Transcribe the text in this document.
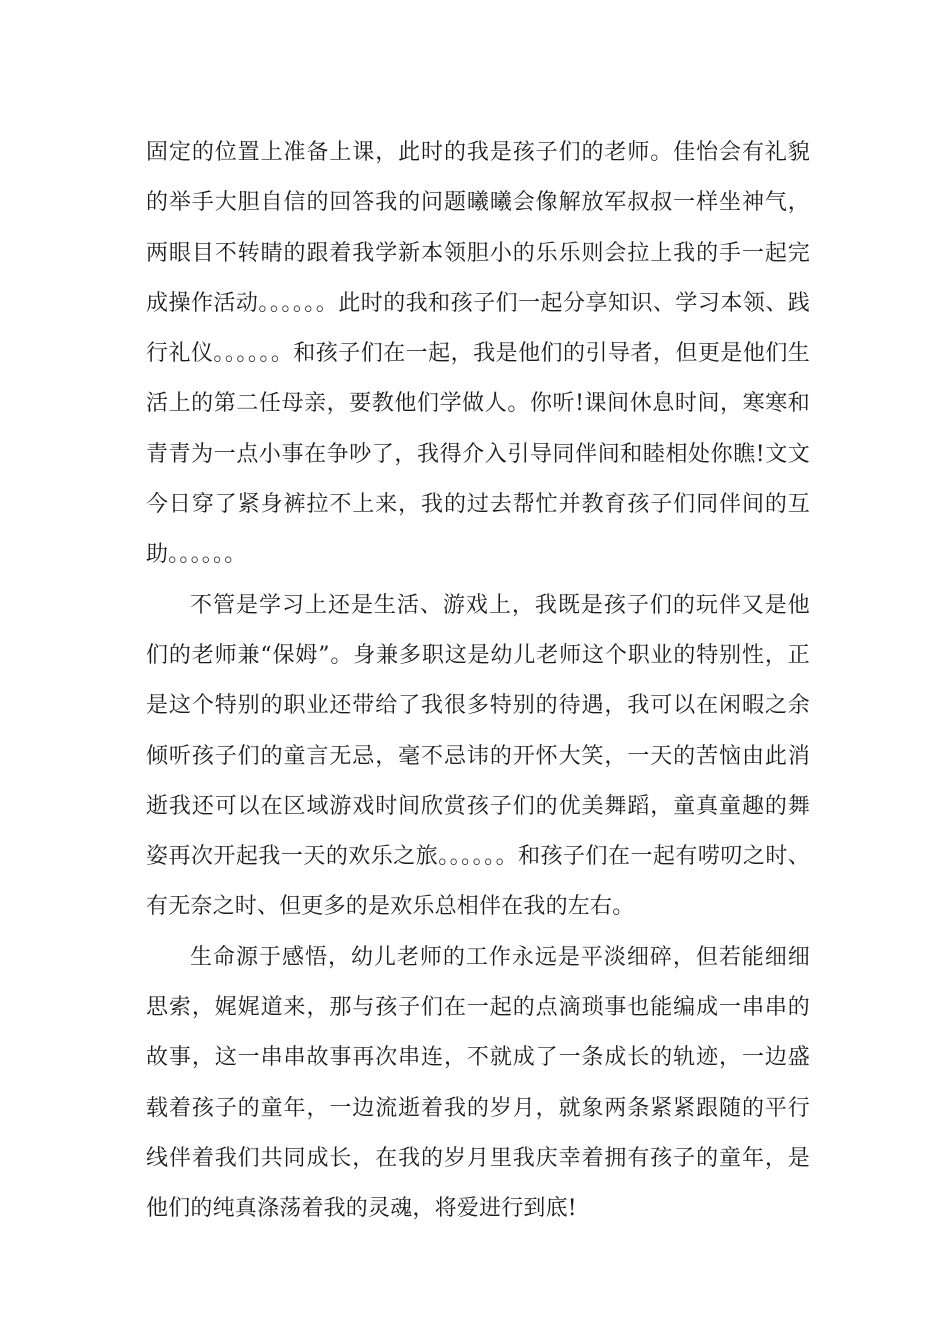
固定的位置上准备上课，此时的我是孩子们的老师。佳怡会有礼貌的举手大胆自信的回答我的问题曦曦会像解放军叔叔一样坐神气，两眼目不转睛的跟着我学新本领胆小的乐乐则会拉上我的手一起完成操作活动。。。。。。此时的我和孩子们一起分享知识、学习本领、践行礼仪。。。。。。和孩子们在一起，我是他们的引导者，但更是他们生活上的第二任母亲，要教他们学做人。你听!课间休息时间，寒寒和青青为一点小事在争吵了，我得介入引导同伴间和睦相处你瞧!文文今日穿了紧身裤拉不上来，我的过去帮忙并教育孩子们同伴间的互助。。。。。。

不管是学习上还是生活、游戏上，我既是孩子们的玩伴又是他们的老师兼“保姆”。身兼多职这是幼儿老师这个职业的特别性，正是这个特别的职业还带给了我很多特别的待遇，我可以在闲暇之余倾听孩子们的童言无忌，毫不忌讳的开怀大笑，一天的苦恼由此消逝我还可以在区域游戏时间欣赏孩子们的优美舞蹈，童真童趣的舞姿再次开起我一天的欢乐之旅。。。。。。和孩子们在一起有唠叨之时、有无奈之时、但更多的是欢乐总相伴在我的左右。

生命源于感悟，幼儿老师的工作永远是平淡细碎，但若能细细思索，娓娓道来，那与孩子们在一起的点滴琐事也能编成一串串的故事，这一串串故事再次串连，不就成了一条成长的轨迹，一边盛载着孩子的童年，一边流逝着我的岁月，就象两条紧紧跟随的平行线伴着我们共同成长，在我的岁月里我庆幸着拥有孩子的童年，是他们的纯真涤荡着我的灵魂，将爱进行到底!
